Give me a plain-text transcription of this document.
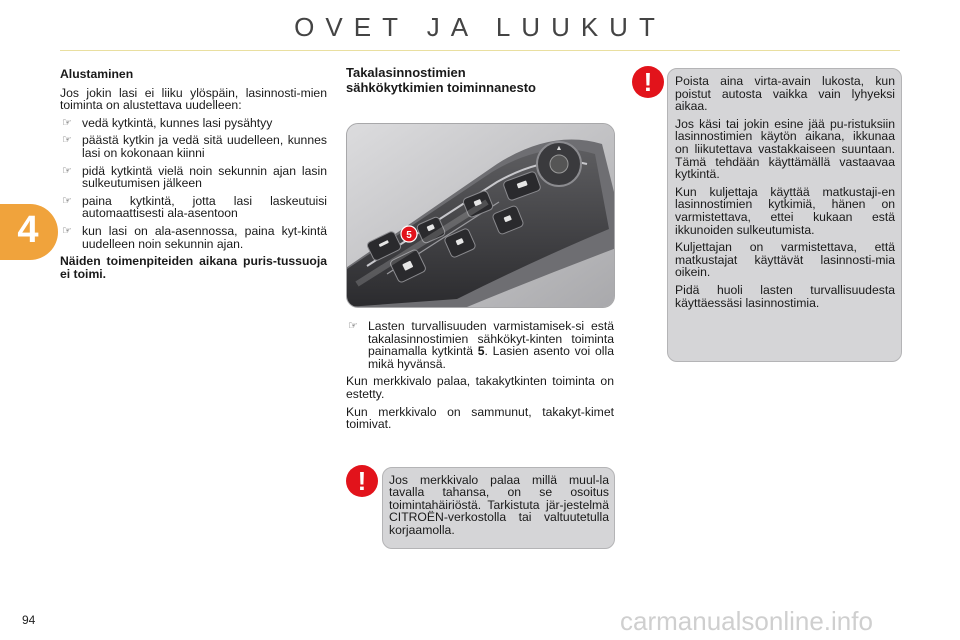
OVET JA LUUKUT
4

Alustaminen

Jos jokin lasi ei liiku ylöspäin, lasinnosti-mien toiminta on alustettava uudelleen:

☞ vedä kytkintä, kunnes lasi pysähtyy
☞ päästä kytkin ja vedä sitä uudelleen, kunnes lasi on kokonaan kiinni
☞ pidä kytkintä vielä noin sekunnin ajan lasin sulkeutumisen jälkeen
☞ paina kytkintä, jotta lasi laskeutuisi automaattisesti ala-asentoon
☞ kun lasi on ala-asennossa, paina kyt-kintä uudelleen noin sekunnin ajan.

Näiden toimenpiteiden aikana puris-tussuoja ei toimi.

Takalasinnostimien
sähkökytkimien toiminnanesto
▲
5
☞ Lasten turvallisuuden varmistamisek-si estä takalasinnostimien sähkökyt-kinten toiminta painamalla kytkintä 5. Lasien asento voi olla mikä hyvänsä.

Kun merkkivalo palaa, takakytkinten toiminta on estetty.

Kun merkkivalo on sammunut, takakyt-kimet toimivat.

!	Jos merkkivalo palaa millä muul-la tavalla tahansa, on se osoitus toimintahäiriöstä. Tarkistuta jär-jestelmä CITROËN-verkostolla tai valtuutetulla korjaamolla.
!	Poista aina virta-avain lukosta, kun poistut autosta vaikka vain lyhyeksi aikaa.

Jos käsi tai jokin esine jää pu-ristuksiin lasinnostimien käytön aikana, ikkunaa on liikutettava vastakkaiseen suuntaan. Tämä tehdään käyttämällä vastaavaa kytkintä.

Kun kuljettaja käyttää matkustaji-en lasinnostimien kytkimiä, hänen on varmistettava, ettei kukaan estä ikkunoiden sulkeutumista.

Kuljettajan on varmistettava, että matkustajat käyttävät lasinnosti-mia oikein.

Pidä huoli lasten turvallisuudesta käyttäessäsi lasinnostimia.

94	carmanualsonline.info
